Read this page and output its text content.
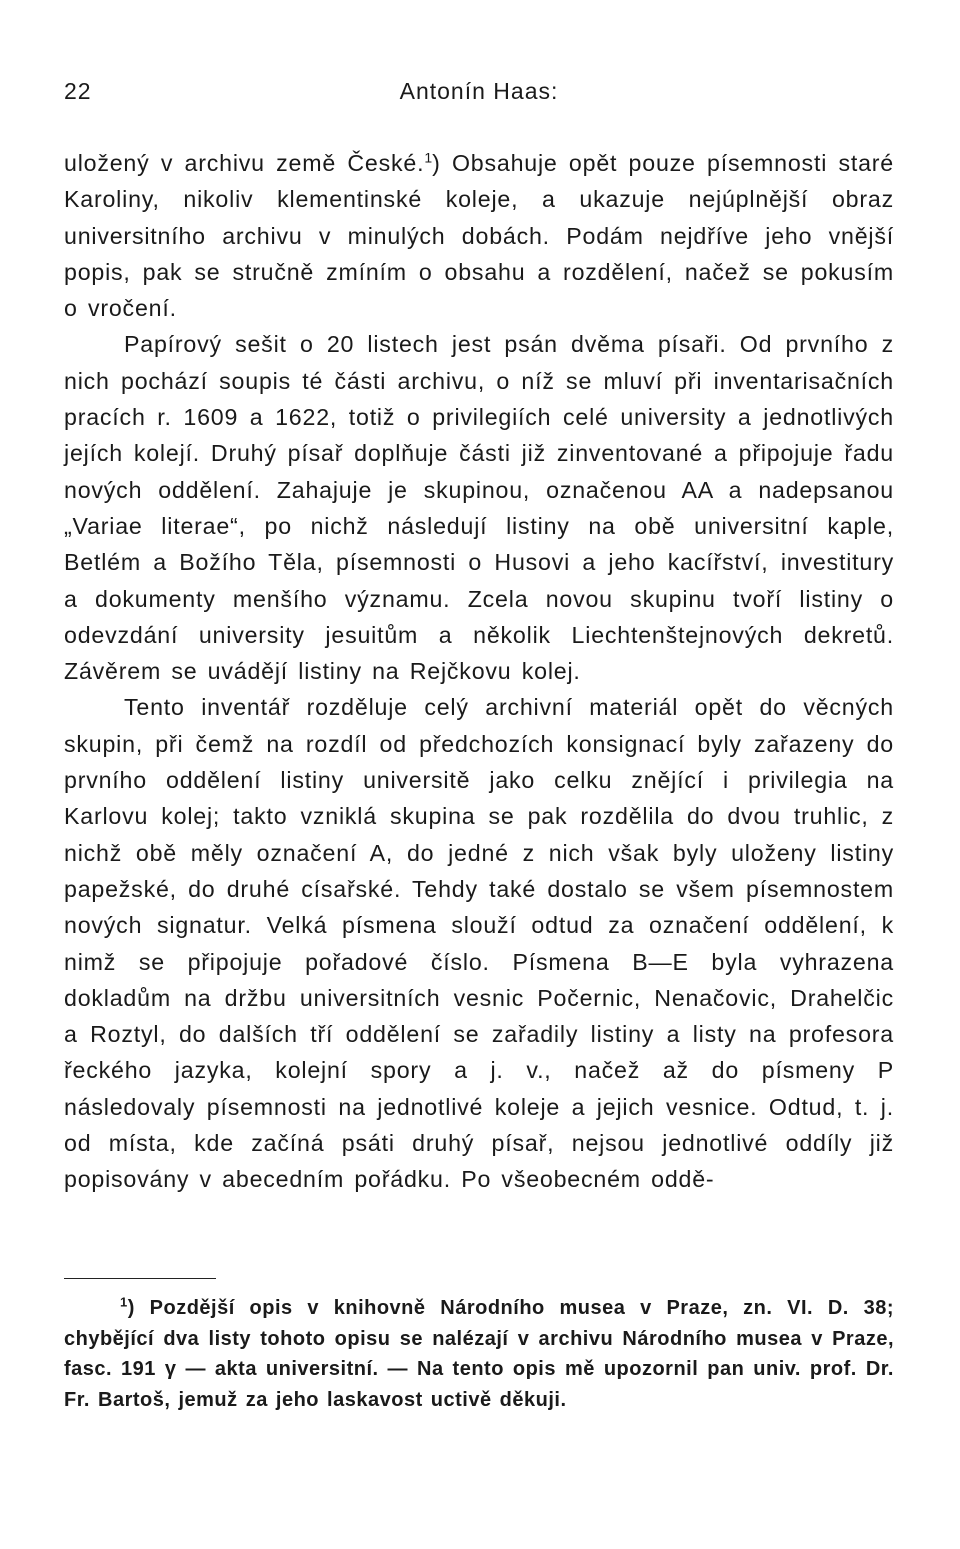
22	Antonín Haas:

uložený v archivu země České.$^1$) Obsahuje opět pouze písemnosti staré Karoliny, nikoliv klementinské koleje, a ukazuje nejúplnější obraz universitního archivu v minulých dobách. Podám nejdříve jeho vnější popis, pak se stručně zmíním o obsahu a rozdělení, načež se pokusím o vročení.

Papírový sešit o 20 listech jest psán dvěma písaři. Od prvního z nich pochází soupis té části archivu, o níž se mluví při inventarisačních pracích r. 1609 a 1622, totiž o privilegiích celé university a jednotlivých jejích kolejí. Druhý písař doplňuje části již zinventované a připojuje řadu nových oddělení. Zahajuje je skupinou, označenou AA a nadepsanou „Variae literae“, po nichž následují listiny na obě universitní kaple, Betlém a Božího Těla, písemnosti o Husovi a jeho kacířství, investitury a dokumenty menšího významu. Zcela novou skupinu tvoří listiny o odevzdání university jesuitům a několik Liechtenštejnových dekretů. Závěrem se uvádějí listiny na Rejčkovu kolej.

Tento inventář rozděluje celý archivní materiál opět do věcných skupin, při čemž na rozdíl od předchozích konsignací byly zařazeny do prvního oddělení listiny universitě jako celku znějící i privilegia na Karlovu kolej; takto vzniklá skupina se pak rozdělila do dvou truhlic, z nichž obě měly označení A, do jedné z nich však byly uloženy listiny papežské, do druhé císařské. Tehdy také dostalo se všem písemnostem nových signatur. Velká písmena slouží odtud za označení oddělení, k nimž se připojuje pořadové číslo. Písmena B—E byla vyhrazena dokladům na držbu universitních vesnic Počernic, Nenačovic, Drahelčic a Roztyl, do dalších tří oddělení se zařadily listiny a listy na profesora řeckého jazyka, kolejní spory a j. v., načež až do písmeny P následovaly písemnosti na jednotlivé koleje a jejich vesnice. Odtud, t. j. od místa, kde začíná psáti druhý písař, nejsou jednotlivé oddíly již popisovány v abecedním pořádku. Po všeobecném oddě-

$^1$) Pozdější opis v knihovně Národního musea v Praze, zn. VI. D. 38; chybějící dva listy tohoto opisu se nalézají v archivu Národního musea v Praze, fasc. 191 γ — akta universitní. — Na tento opis mě upozornil pan univ. prof. Dr. Fr. Bartoš, jemuž za jeho laskavost uctivě děkuji.
